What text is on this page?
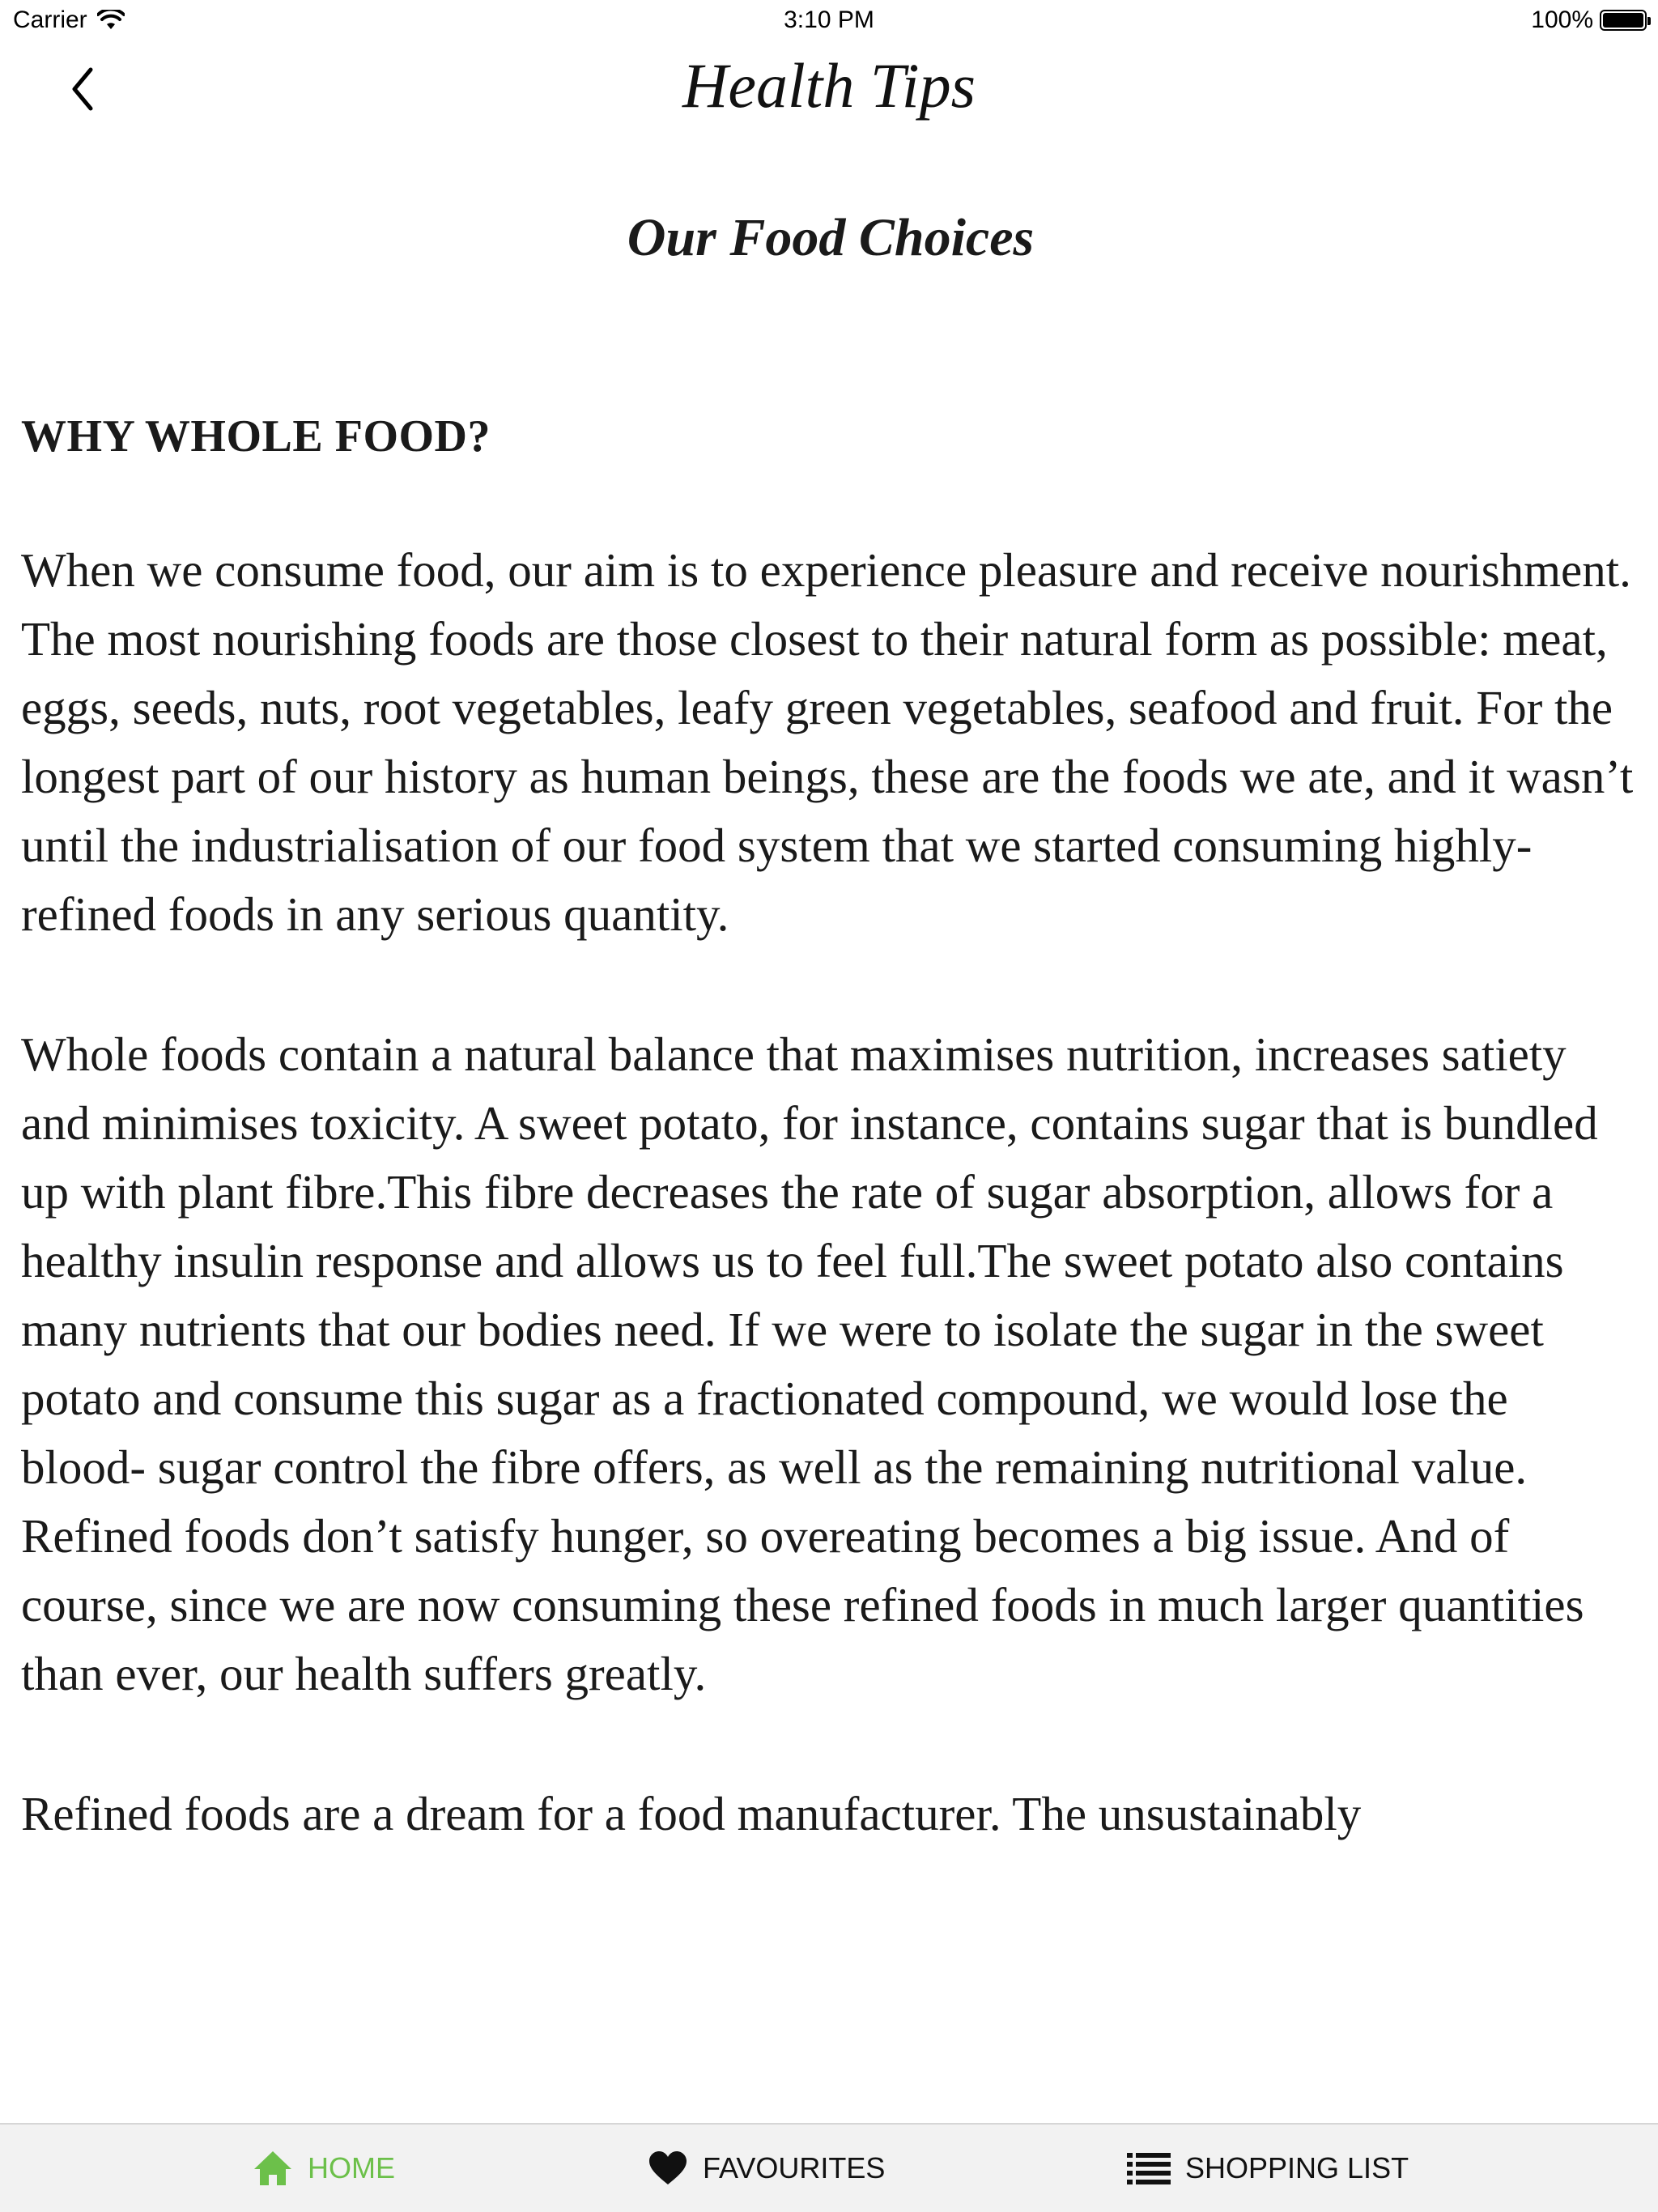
Carrier	3:10 PM	100%
Health Tips
Our Food Choices
WHY WHOLE FOOD?

When we consume food, our aim is to experience pleasure and receive nourishment. The most nourishing foods are those closest to their natural form as possible: meat, eggs, seeds, nuts, root vegetables, leafy green vegetables, seafood and fruit. For the longest part of our history as human beings, these are the foods we ate, and it wasn’t until the industrialisation of our food system that we started consuming highly-refined foods in any serious quantity.

Whole foods contain a natural balance that maximises nutrition, increases satiety and minimises toxicity. A sweet potato, for instance, contains sugar that is bundled up with plant fibre.This fibre decreases the rate of sugar absorption, allows for a healthy insulin response and allows us to feel full.The sweet potato also contains many nutrients that our bodies need. If we were to isolate the sugar in the sweet potato and consume this sugar as a fractionated compound, we would lose the blood- sugar control the fibre offers, as well as the remaining nutritional value. Refined foods don’t satisfy hunger, so overeating becomes a big issue. And of course, since we are now consuming these refined foods in much larger quantities than ever, our health suffers greatly.

Refined foods are a dream for a food manufacturer. The unsustainably

HOME	FAVOURITES	SHOPPING LIST
